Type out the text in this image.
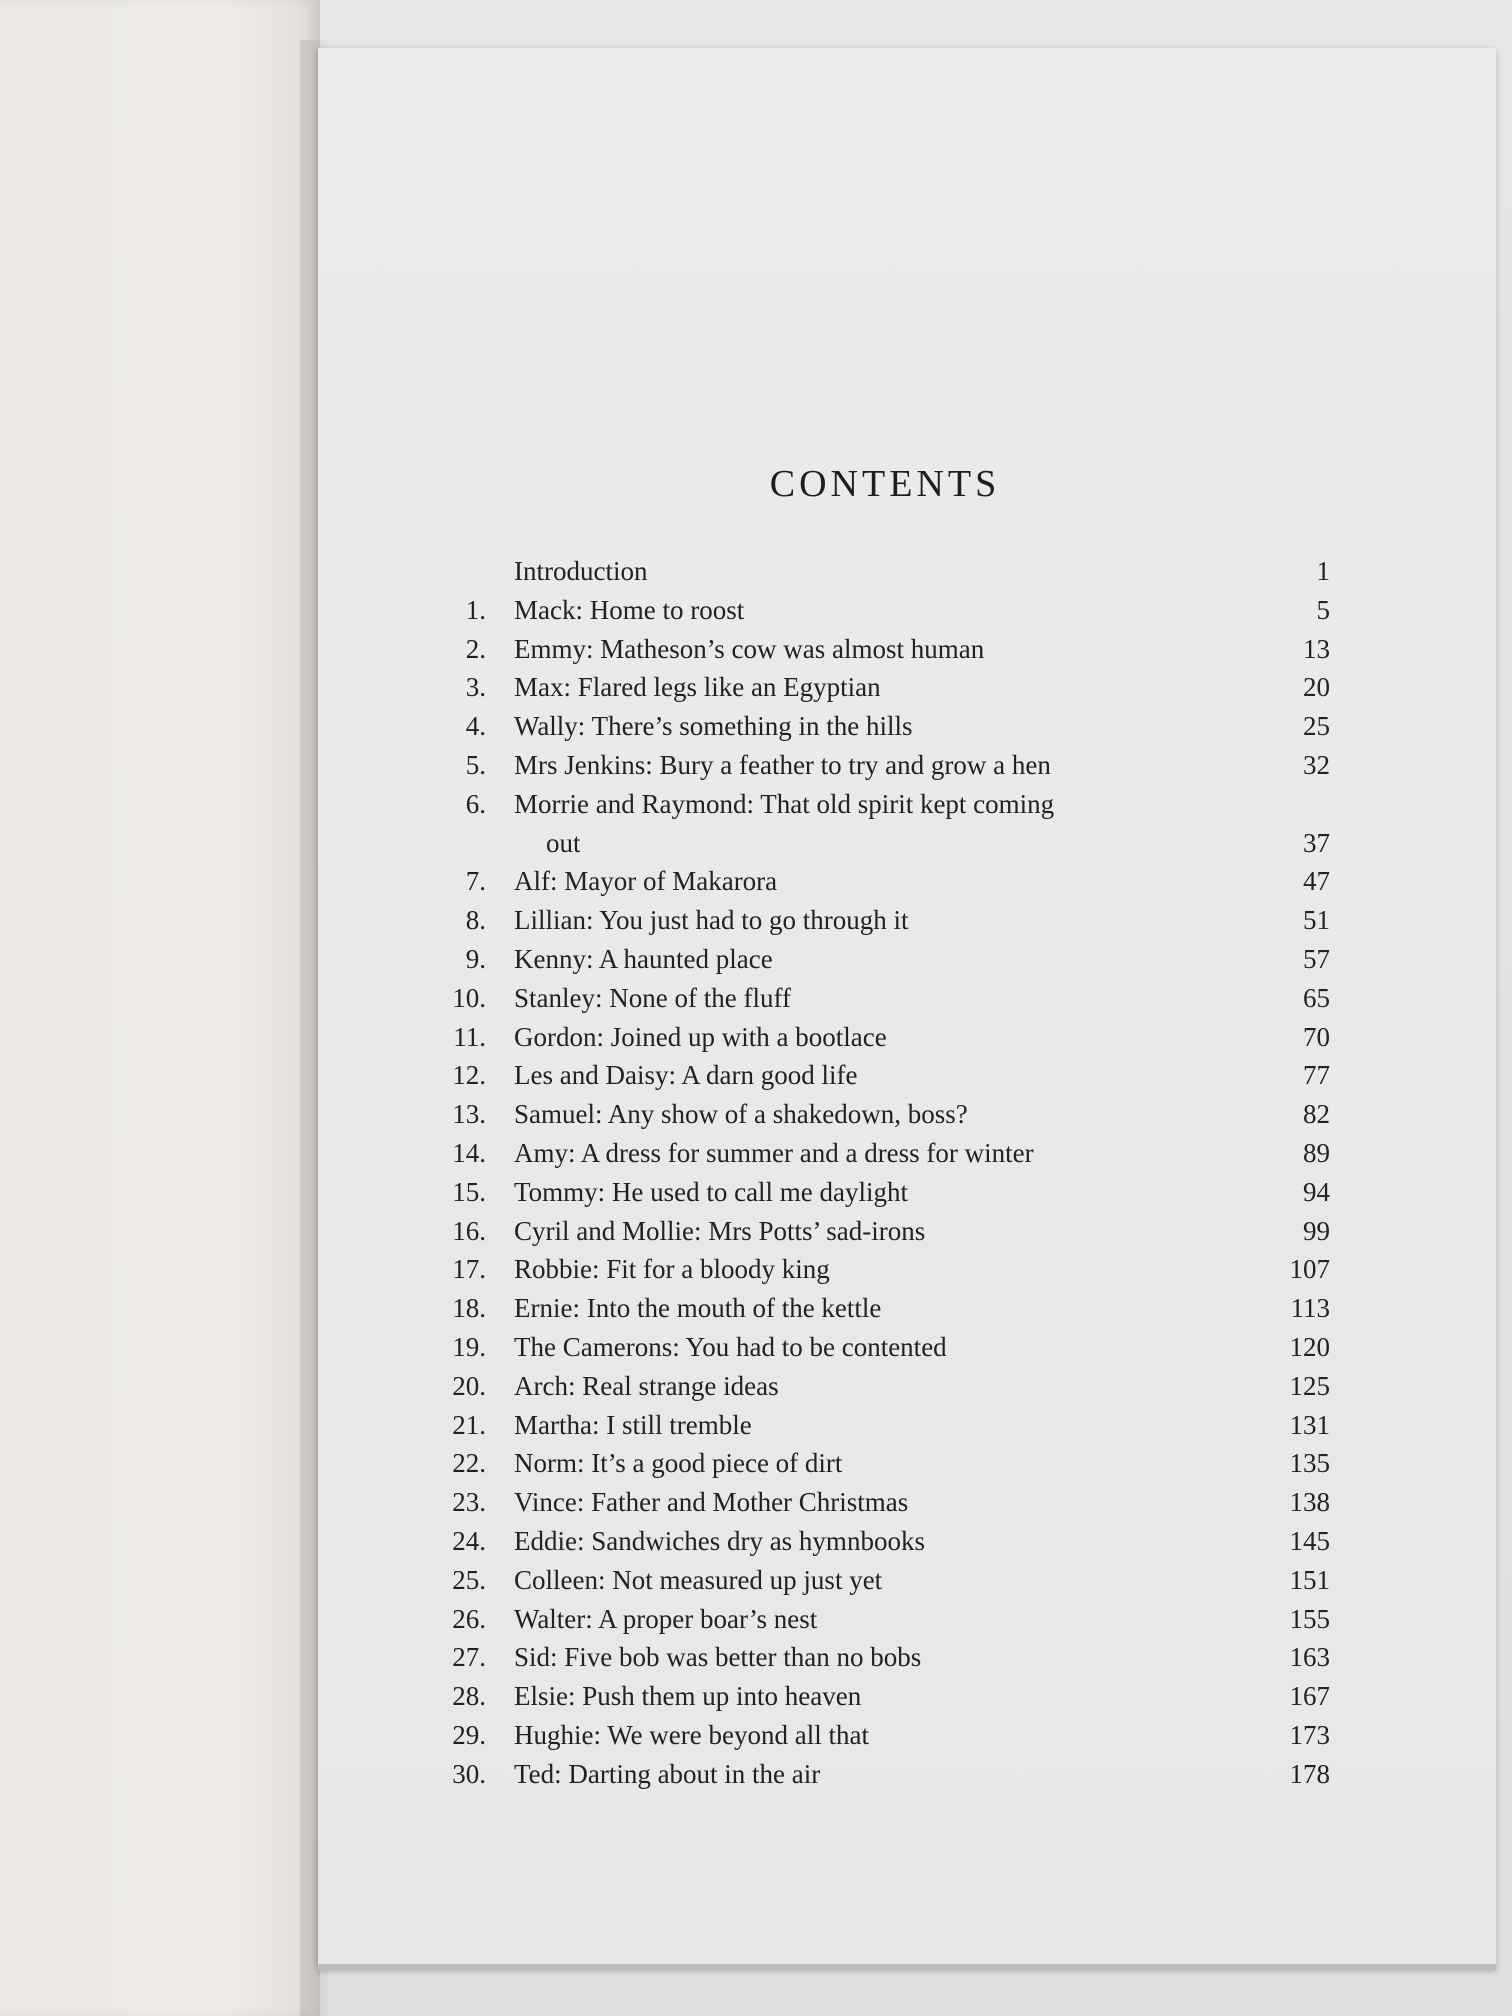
CONTENTS
Introduction	1
1. Mack: Home to roost	5
2. Emmy: Matheson’s cow was almost human	13
3. Max: Flared legs like an Egyptian	20
4. Wally: There’s something in the hills	25
5. Mrs Jenkins: Bury a feather to try and grow a hen	32
6. Morrie and Raymond: That old spirit kept coming
out	37
7. Alf: Mayor of Makarora	47
8. Lillian: You just had to go through it	51
9. Kenny: A haunted place	57
10. Stanley: None of the fluff	65
11. Gordon: Joined up with a bootlace	70
12. Les and Daisy: A darn good life	77
13. Samuel: Any show of a shakedown, boss?	82
14. Amy: A dress for summer and a dress for winter	89
15. Tommy: He used to call me daylight	94
16. Cyril and Mollie: Mrs Potts’ sad-irons	99
17. Robbie: Fit for a bloody king	107
18. Ernie: Into the mouth of the kettle	113
19. The Camerons: You had to be contented	120
20. Arch: Real strange ideas	125
21. Martha: I still tremble	131
22. Norm: It’s a good piece of dirt	135
23. Vince: Father and Mother Christmas	138
24. Eddie: Sandwiches dry as hymnbooks	145
25. Colleen: Not measured up just yet	151
26. Walter: A proper boar’s nest	155
27. Sid: Five bob was better than no bobs	163
28. Elsie: Push them up into heaven	167
29. Hughie: We were beyond all that	173
30. Ted: Darting about in the air	178
